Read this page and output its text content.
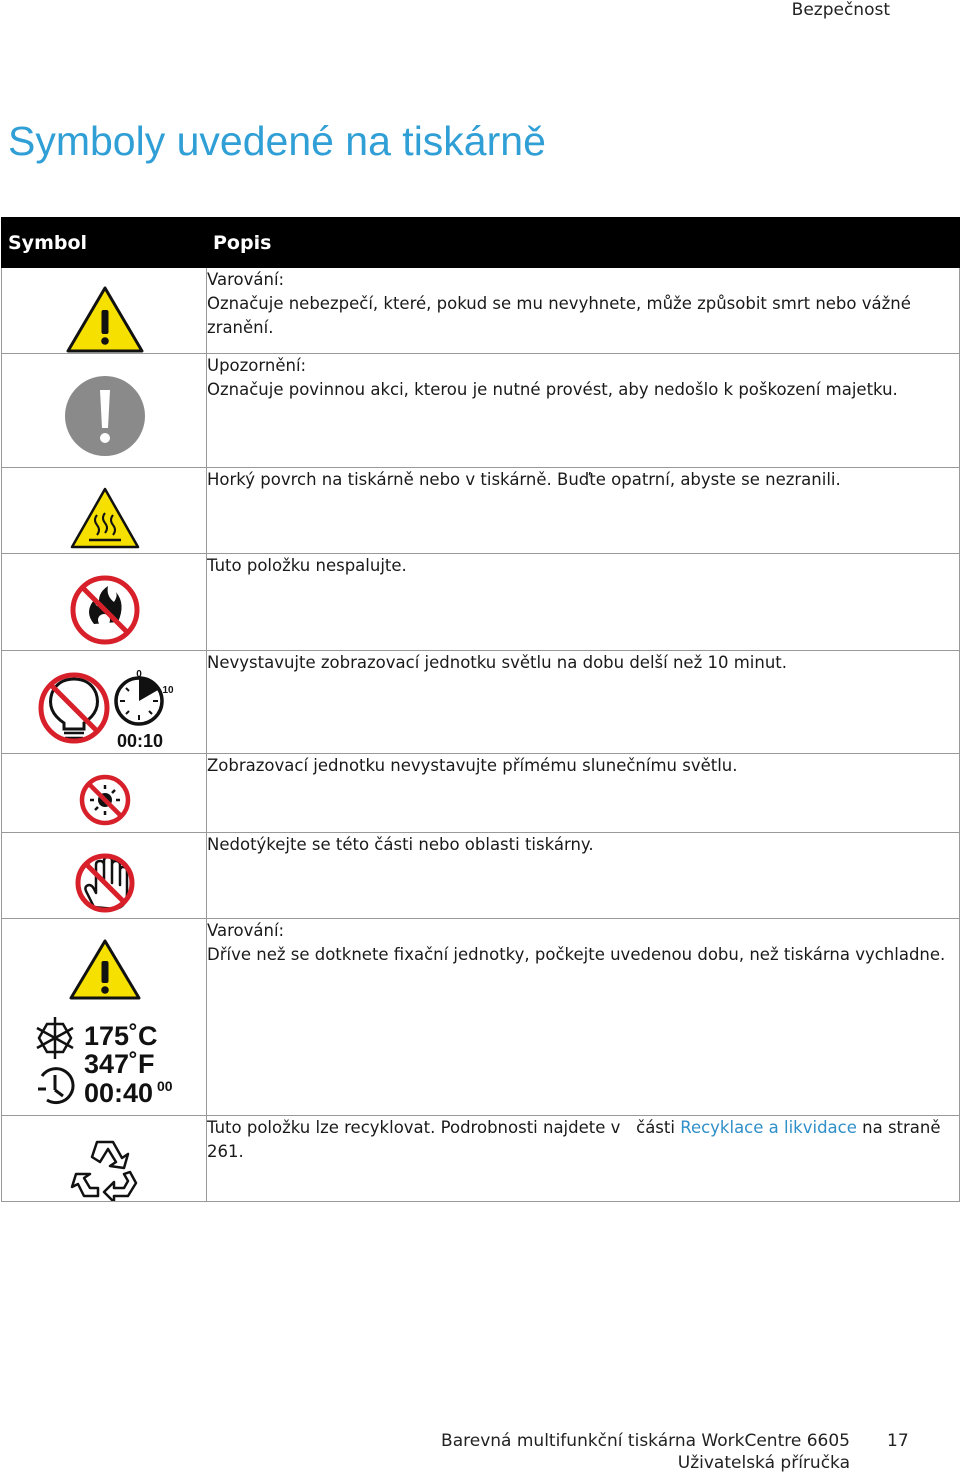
Bezpečnost
Symboly uvedené na tiskárně
Symbol	Popis

Varování:
Označuje nebezpečí, které, pokud se mu nevyhnete, může způsobit smrt nebo vážné zranění.

Upozornění:
Označuje povinnou akci, kterou je nutné provést, aby nedošlo k poškození majetku.

Horký povrch na tiskárně nebo v tiskárně. Buďte opatrní, abyste se nezranili.

Tuto položku nespalujte.

0
10
00:10	Nevystavujte zobrazovací jednotku světlu na dobu delší než 10 minut.

Zobrazovací jednotku nevystavujte přímému slunečnímu světlu.

Nedotýkejte se této části nebo oblasti tiskárny.

175˚C
347˚F
00:40 00	Varování:
Dříve než se dotknete fixační jednotky, počkejte uvedenou dobu, než tiskárna vychladne.

Tuto položku lze recyklovat. Podrobnosti najdete v   části Recyklace a likvidace na straně 261.
Barevná multifunkční tiskárna WorkCentre 6605 17
Uživatelská příručka
